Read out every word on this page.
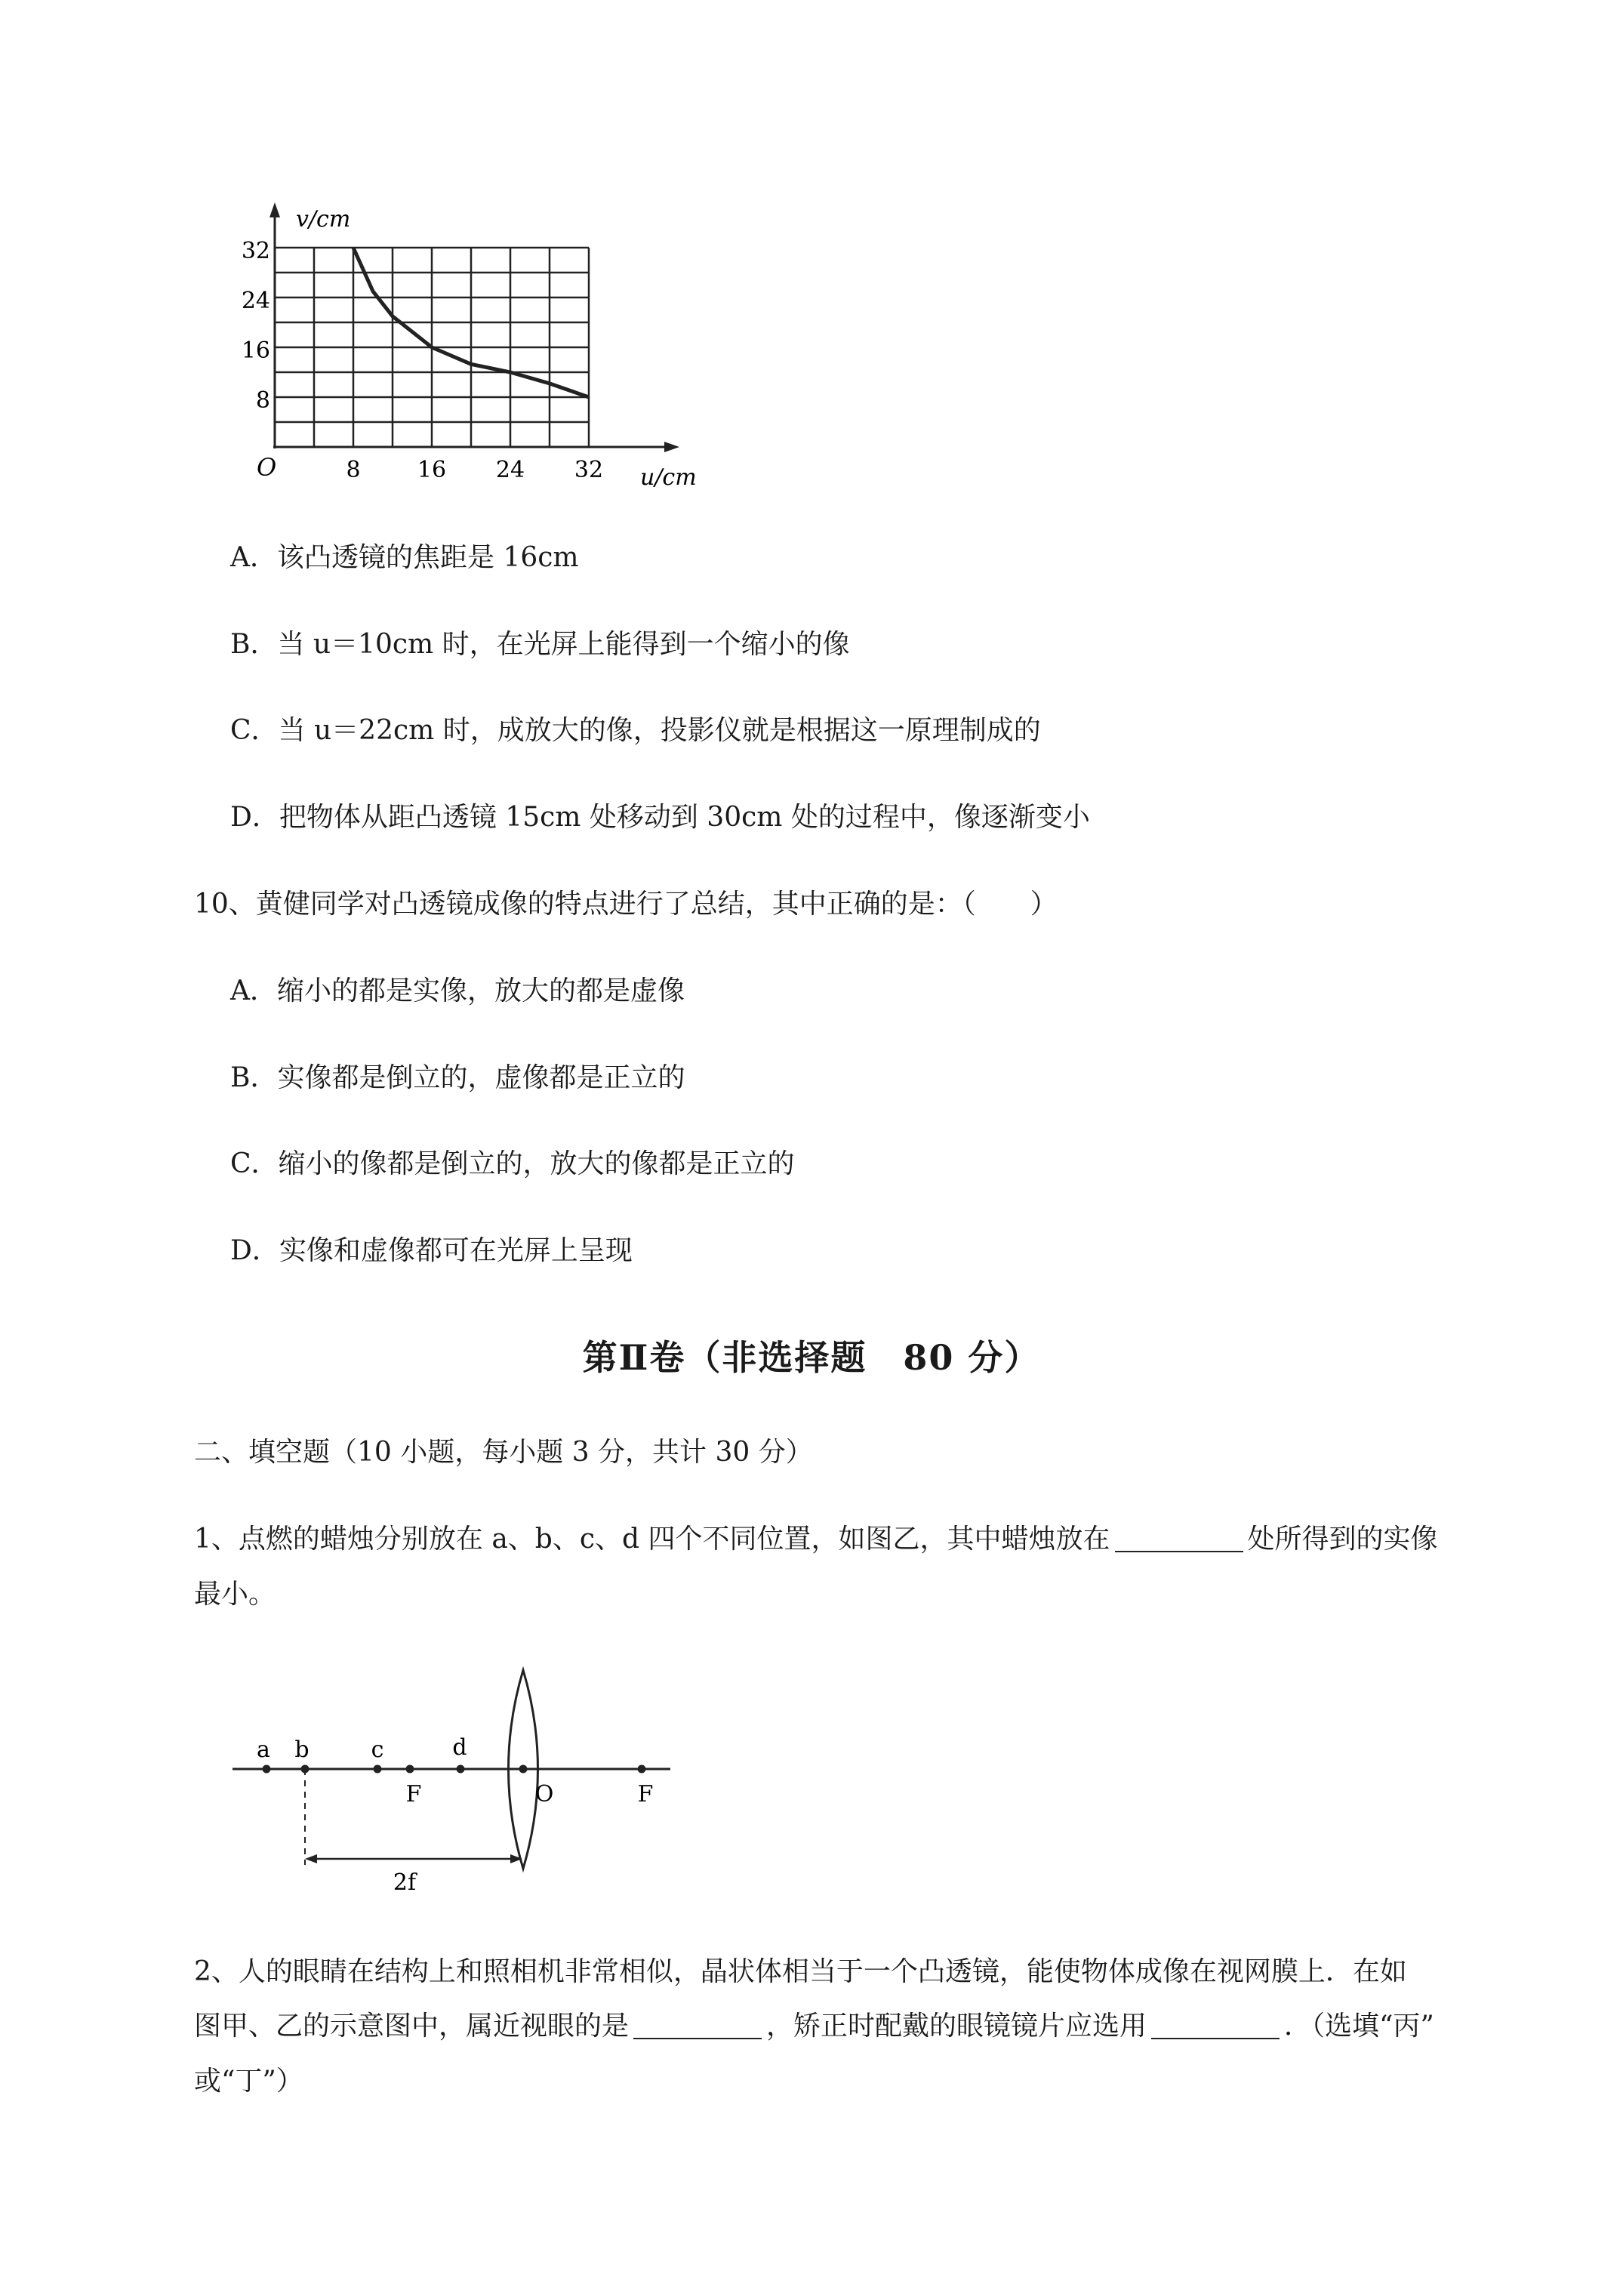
v/cm
u/cm
O
32
24
16
8
8	16 24 32
A．该凸透镜的焦距是 16cm
B．当 u＝10cm 时，在光屏上能得到一个缩小的像
C．当 u＝22cm 时，成放大的像，投影仪就是根据这一原理制成的
D．把物体从距凸透镜 15cm 处移动到 30cm 处的过程中，像逐渐变小
10、黄健同学对凸透镜成像的特点进行了总结，其中正确的是：（　　）
A．缩小的都是实像，放大的都是虚像
B．实像都是倒立的，虚像都是正立的
C．缩小的像都是倒立的，放大的像都是正立的
D．实像和虚像都可在光屏上呈现
第Ⅱ卷（非选择题　80 分）
二、填空题（10 小题，每小题 3 分，共计 30 分）
1、点燃的蜡烛分别放在 a、b、c、d 四个不同位置，如图乙，其中蜡烛放在	处所得到的实像
最小。
a b	c	d
F	O	F
2f
2、人的眼睛在结构上和照相机非常相似，晶状体相当于一个凸透镜，能使物体成像在视网膜上．在如
图甲、乙的示意图中，属近视眼的是	，矫正时配戴的眼镜镜片应选用	．（选填“丙”
或“丁”）
